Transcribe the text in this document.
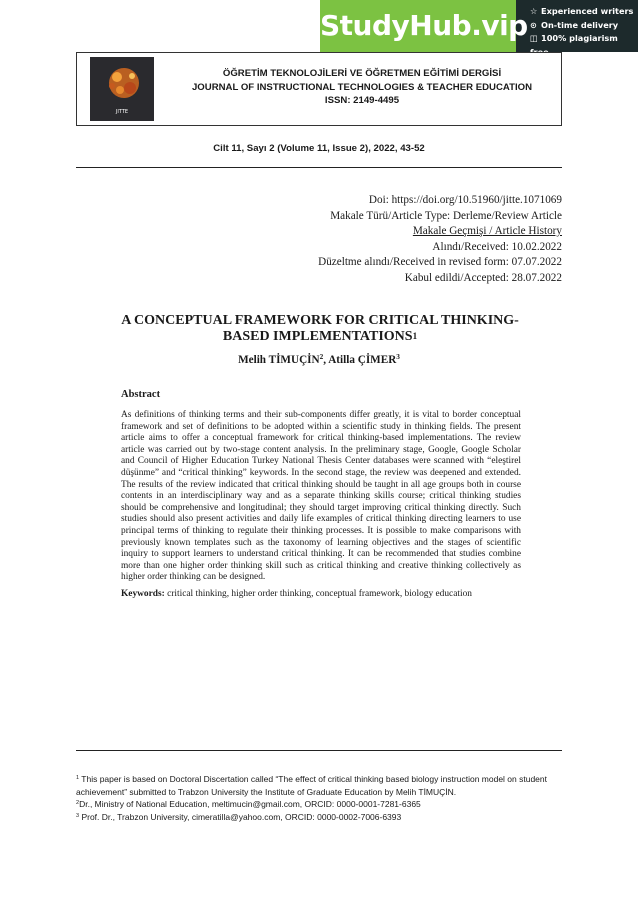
StudyHub.vip ☆ Experienced writers
⊙ On-time delivery
◫ 100% plagiarism free
JITTE
ÖĞRETİM TEKNOLOJİLERİ VE ÖĞRETMEN EĞİTİMİ DERGİSİ
JOURNAL OF INSTRUCTIONAL TECHNOLOGIES & TEACHER EDUCATION
ISSN: 2149-4495
Cilt 11, Sayı 2 (Volume 11, Issue 2), 2022, 43-52
Doi: https://doi.org/10.51960/jitte.1071069
Makale Türü/Article Type: Derleme/Review Article
Makale Geçmişi / Article History
Alındı/Received: 10.02.2022
Düzeltme alındı/Received in revised form: 07.07.2022
Kabul edildi/Accepted: 28.07.2022
A CONCEPTUAL FRAMEWORK FOR CRITICAL THINKING-BASED IMPLEMENTATIONS$^1$
Melih TİMUÇİN$^2$, Atilla ÇİMER$^3$
Abstract
As definitions of thinking terms and their sub-components differ greatly, it is vital to border conceptual framework and set of definitions to be adopted within a scientific study in thinking fields. The present article aims to offer a conceptual framework for critical thinking-based implementations. The review article was carried out by two-stage content analysis. In the preliminary stage, Google, Google Scholar and Council of Higher Education Turkey National Thesis Center databases were scanned with “eleştirel düşünme” and “critical thinking” keywords. In the second stage, the review was deepened and extended. The results of the review indicated that critical thinking should be taught in all age groups both in course contents in an interdisciplinary way and as a separate thinking skills course; critical thinking studies should be comprehensive and longitudinal; they should target improving critical thinking directly. Such studies should also present activities and daily life examples of critical thinking directing learners to use principal terms of thinking to regulate their thinking processes. It is possible to make comparisons with previously known templates such as the taxonomy of learning objectives and the stages of scientific inquiry to support learners to understand critical thinking. It can be recommended that studies combine more than one higher order thinking skill such as critical thinking and creative thinking collectively as higher order thinking can be designed.
Keywords: critical thinking, higher order thinking, conceptual framework, biology education
$^1$ This paper is based on Doctoral Discertation called “The effect of critical thinking based biology instruction model on student achievement” submitted to Trabzon University the Institute of Graduate Education by Melih TİMUÇİN.
$^2$Dr., Ministry of National Education, meltimucin@gmail.com, ORCID: 0000-0001-7281-6365
$^3$ Prof. Dr., Trabzon University, cimeratilla@yahoo.com, ORCID: 0000-0002-7006-6393
